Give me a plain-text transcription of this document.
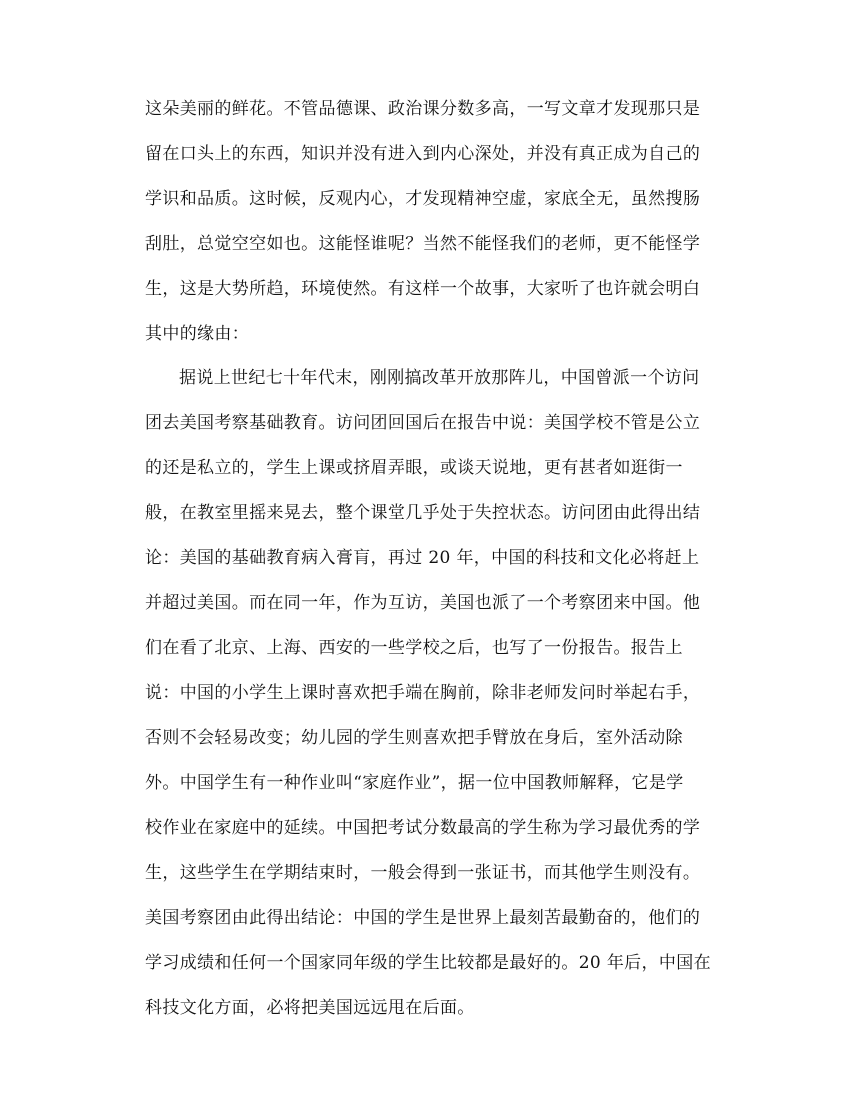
这朵美丽的鲜花。不管品德课、政治课分数多高，一写文章才发现那只是
留在口头上的东西，知识并没有进入到内心深处，并没有真正成为自己的
学识和品质。这时候，反观内心，才发现精神空虚，家底全无，虽然搜肠
刮肚，总觉空空如也。这能怪谁呢？当然不能怪我们的老师，更不能怪学
生，这是大势所趋，环境使然。有这样一个故事，大家听了也许就会明白
其中的缘由：
据说上世纪七十年代末，刚刚搞改革开放那阵儿，中国曾派一个访问
团去美国考察基础教育。访问团回国后在报告中说：美国学校不管是公立
的还是私立的，学生上课或挤眉弄眼，或谈天说地，更有甚者如逛街一
般，在教室里摇来晃去，整个课堂几乎处于失控状态。访问团由此得出结
论：美国的基础教育病入膏肓，再过 20 年，中国的科技和文化必将赶上
并超过美国。而在同一年，作为互访，美国也派了一个考察团来中国。他
们在看了北京、上海、西安的一些学校之后，也写了一份报告。报告上
说：中国的小学生上课时喜欢把手端在胸前，除非老师发问时举起右手，
否则不会轻易改变；幼儿园的学生则喜欢把手臂放在身后，室外活动除
外。中国学生有一种作业叫“家庭作业”，据一位中国教师解释，它是学
校作业在家庭中的延续。中国把考试分数最高的学生称为学习最优秀的学
生，这些学生在学期结束时，一般会得到一张证书，而其他学生则没有。
美国考察团由此得出结论：中国的学生是世界上最刻苦最勤奋的，他们的
学习成绩和任何一个国家同年级的学生比较都是最好的。20 年后，中国在
科技文化方面，必将把美国远远甩在后面。
